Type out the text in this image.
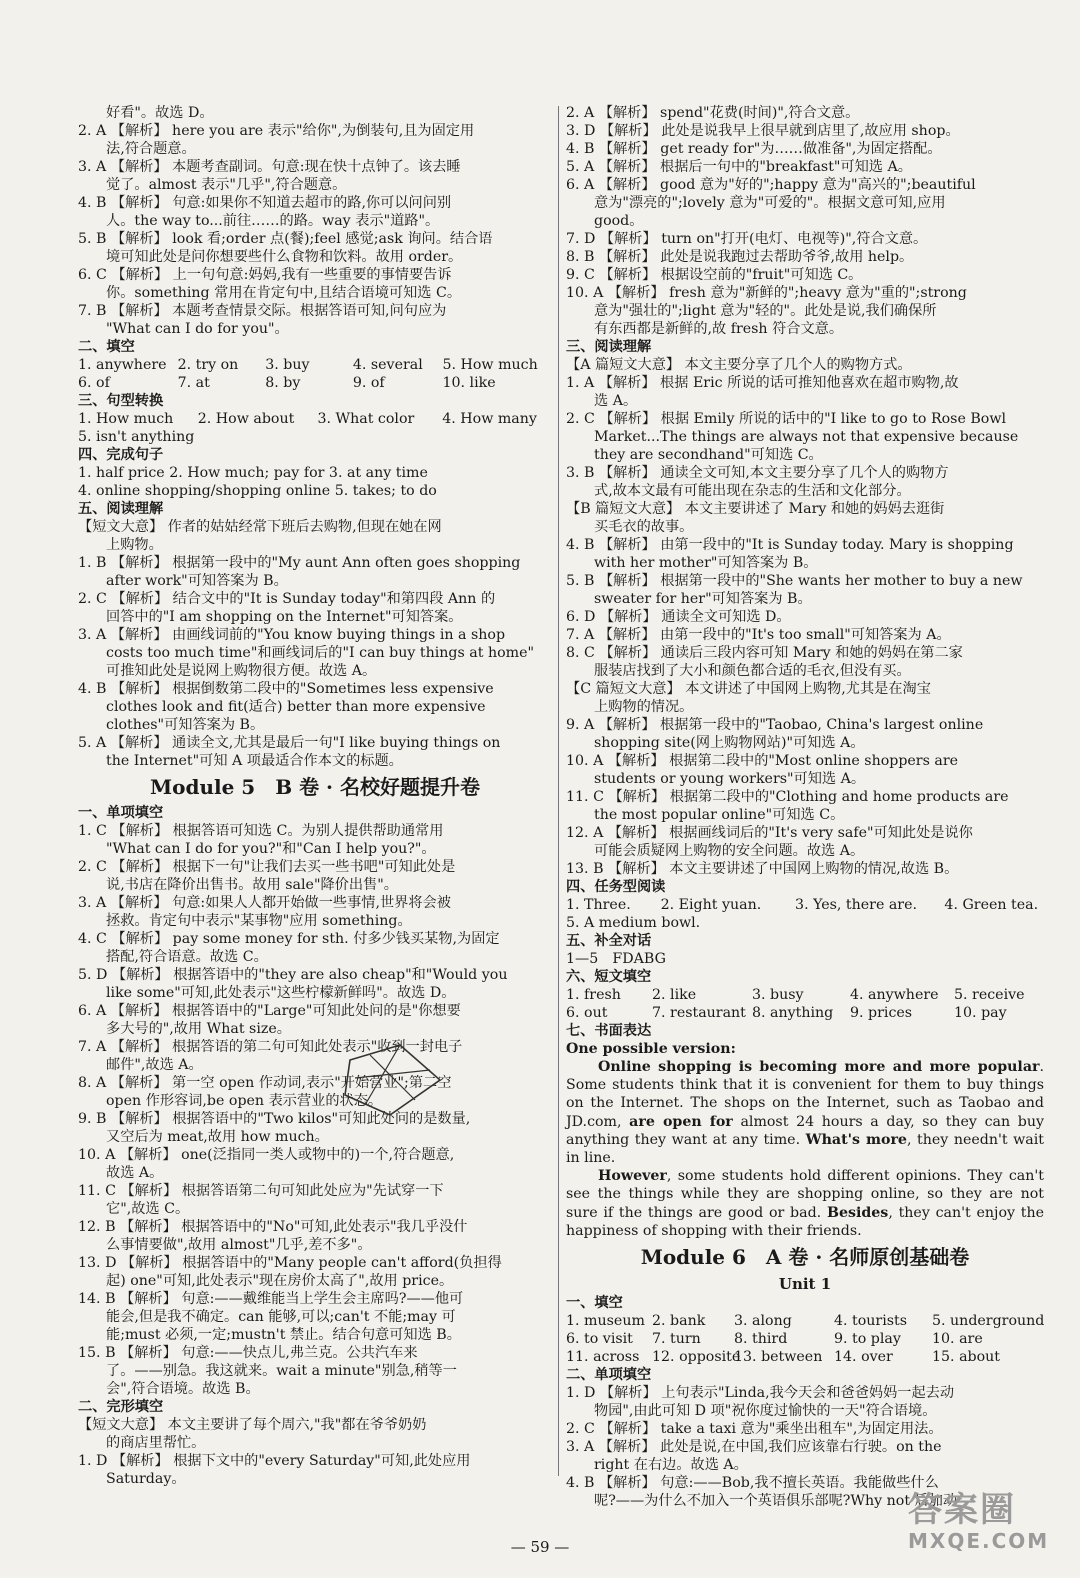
好看"。故选 D。
2. A 【解析】 here you are 表示"给你",为倒装句,且为固定用
法,符合题意。
3. A 【解析】 本题考查副词。句意:现在快十点钟了。该去睡
觉了。almost 表示"几乎",符合题意。
4. B 【解析】 句意:如果你不知道去超市的路,你可以问问别
人。the way to...前往……的路。way 表示"道路"。
5. B 【解析】 look 看;order 点(餐);feel 感觉;ask 询问。结合语
境可知此处是问你想要些什么食物和饮料。故用 order。
6. C 【解析】 上一句句意:妈妈,我有一些重要的事情要告诉
你。something 常用在肯定句中,且结合语境可知选 C。
7. B 【解析】 本题考查情景交际。根据答语可知,问句应为
"What can I do for you"。
二、填空
1. anywhere 2. try on	3. buy	4. several	5. How much
6. of	7. at	8. by	9. of	10. like
三、句型转换
1. How much	2. How about	3. What color	4. How many
5. isn't anything
四、完成句子
1. half price 2. How much; pay for 3. at any time
4. online shopping/shopping online 5. takes; to do
五、阅读理解
【短文大意】 作者的姑姑经常下班后去购物,但现在她在网
上购物。
1. B 【解析】 根据第一段中的"My aunt Ann often goes shopping
after work"可知答案为 B。
2. C 【解析】 结合文中的"It is Sunday today"和第四段 Ann 的
回答中的"I am shopping on the Internet"可知答案。
3. A 【解析】 由画线词前的"You know buying things in a shop
costs too much time"和画线词后的"I can buy things at home"
可推知此处是说网上购物很方便。故选 A。
4. B 【解析】 根据倒数第二段中的"Sometimes less expensive
clothes look and fit(适合) better than more expensive
clothes"可知答案为 B。
5. A 【解析】 通读全文,尤其是最后一句"I like buying things on
the Internet"可知 A 项最适合作本文的标题。
Module 5　B 卷 · 名校好题提升卷
一、单项填空
1. C 【解析】 根据答语可知选 C。为别人提供帮助通常用
"What can I do for you?"和"Can I help you?"。
2. C 【解析】 根据下一句"让我们去买一些书吧"可知此处是
说,书店在降价出售书。故用 sale"降价出售"。
3. A 【解析】 句意:如果人人都开始做一些事情,世界将会被
拯救。肯定句中表示"某事物"应用 something。
4. C 【解析】 pay some money for sth. 付多少钱买某物,为固定
搭配,符合语意。故选 C。
5. D 【解析】 根据答语中的"they are also cheap"和"Would you
like some"可知,此处表示"这些柠檬新鲜吗"。故选 D。
6. A 【解析】 根据答语中的"Large"可知此处问的是"你想要
多大号的",故用 What size。
7. A 【解析】 根据答语的第二句可知此处表示"收到一封电子
邮件",故选 A。
8. A 【解析】 第一空 open 作动词,表示"开始营业";第二空
open 作形容词,be open 表示营业的状态。
9. B 【解析】 根据答语中的"Two kilos"可知此处问的是数量,
又空后为 meat,故用 how much。
10. A 【解析】 one(泛指同一类人或物中的)一个,符合题意,
故选 A。
11. C 【解析】 根据答语第二句可知此处应为"先试穿一下
它",故选 C。
12. B 【解析】 根据答语中的"No"可知,此处表示"我几乎没什
么事情要做",故用 almost"几乎,差不多"。
13. D 【解析】 根据答语中的"Many people can't afford(负担得
起) one"可知,此处表示"现在房价太高了",故用 price。
14. B 【解析】 句意:——戴维能当上学生会主席吗?——他可
能会,但是我不确定。can 能够,可以;can't 不能;may 可
能;must 必须,一定;mustn't 禁止。结合句意可知选 B。
15. B 【解析】 句意:——快点儿,弗兰克。公共汽车来
了。——别急。我这就来。wait a minute"别急,稍等一
会",符合语境。故选 B。
二、完形填空
【短文大意】 本文主要讲了每个周六,"我"都在爷爷奶奶
的商店里帮忙。
1. D 【解析】 根据下文中的"every Saturday"可知,此处应用
Saturday。
2. A 【解析】 spend"花费(时间)",符合文意。
3. D 【解析】 此处是说我早上很早就到店里了,故应用 shop。
4. B 【解析】 get ready for"为……做准备",为固定搭配。
5. A 【解析】 根据后一句中的"breakfast"可知选 A。
6. A 【解析】 good 意为"好的";happy 意为"高兴的";beautiful
意为"漂亮的";lovely 意为"可爱的"。根据文意可知,应用
good。
7. D 【解析】 turn on"打开(电灯、电视等)",符合文意。
8. B 【解析】 此处是说我跑过去帮助爷爷,故用 help。
9. C 【解析】 根据设空前的"fruit"可知选 C。
10. A 【解析】 fresh 意为"新鲜的";heavy 意为"重的";strong
意为"强壮的";light 意为"轻的"。此处是说,我们确保所
有东西都是新鲜的,故 fresh 符合文意。
三、阅读理解
【A 篇短文大意】 本文主要分享了几个人的购物方式。
1. A 【解析】 根据 Eric 所说的话可推知他喜欢在超市购物,故
选 A。
2. C 【解析】 根据 Emily 所说的话中的"I like to go to Rose Bowl
Market...The things are always not that expensive because
they are secondhand"可知选 C。
3. B 【解析】 通读全文可知,本文主要分享了几个人的购物方
式,故本文最有可能出现在杂志的生活和文化部分。
【B 篇短文大意】 本文主要讲述了 Mary 和她的妈妈去逛街
买毛衣的故事。
4. B 【解析】 由第一段中的"It is Sunday today. Mary is shopping
with her mother"可知答案为 B。
5. B 【解析】 根据第一段中的"She wants her mother to buy a new
sweater for her"可知答案为 B。
6. D 【解析】 通读全文可知选 D。
7. A 【解析】 由第一段中的"It's too small"可知答案为 A。
8. C 【解析】 通读后三段内容可知 Mary 和她的妈妈在第二家
服装店找到了大小和颜色都合适的毛衣,但没有买。
【C 篇短文大意】 本文讲述了中国网上购物,尤其是在淘宝
上购物的情况。
9. A 【解析】 根据第一段中的"Taobao, China's largest online
shopping site(网上购物网站)"可知选 A。
10. A 【解析】 根据第二段中的"Most online shoppers are
students or young workers"可知选 A。
11. C 【解析】 根据第二段中的"Clothing and home products are
the most popular online"可知选 C。
12. A 【解析】 根据画线词后的"It's very safe"可知此处是说你
可能会质疑网上购物的安全问题。故选 A。
13. B 【解析】 本文主要讲述了中国网上购物的情况,故选 B。
四、任务型阅读
1. Three.	2. Eight yuan.	3. Yes, there are.	4. Green tea.
5. A medium bowl.
五、补全对话
1—5　FDABG
六、短文填空
1. fresh	2. like	3. busy	4. anywhere	5. receive
6. out	7. restaurant 8. anything	9. prices	10. pay
七、书面表达
One possible version:

Online shopping is becoming more and more popular. Some students think that it is convenient for them to buy things on the Internet. The shops on the Internet, such as Taobao and JD.com, are open for almost 24 hours a day, so they can buy anything they want at any time. What's more, they needn't wait in line.

However, some students hold different opinions. They can't see the things while they are shopping online, so they are not sure if the things are good or bad. Besides, they can't enjoy the happiness of shopping with their friends.

Module 6　A 卷 · 名师原创基础卷
Unit 1
一、填空
1. museum 2. bank	3. along	4. tourists	5. underground
6. to visit	7. turn	8. third	9. to play	10. are
11. across 12. opposite
13. between 14. over	15. about
二、单项填空
1. D 【解析】 上句表示"Linda,我今天会和爸爸妈妈一起去动
物园",由此可知 D 项"祝你度过愉快的一天"符合语境。
2. C 【解析】 take a taxi 意为"乘坐出租车",为固定用法。
3. A 【解析】 此处是说,在中国,我们应该靠右行驶。on the
right 在右边。故选 A。
4. B 【解析】 句意:——Bob,我不擅长英语。我能做些什么
呢?——为什么不加入一个英语俱乐部呢?Why not 后加动
— 59 —
答案圈
MXQE.COM
